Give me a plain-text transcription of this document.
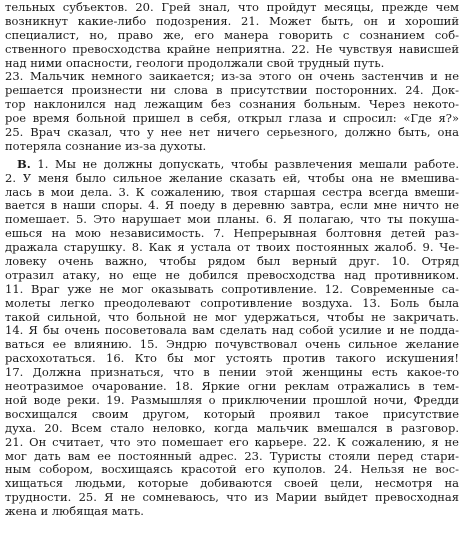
тельных субъектов. 20. Грей знал, что пройдут месяцы, прежде чем
возникнут какие-либо подозрения. 21. Может быть, он и хороший
специалист, но, право же, его манера говорить с сознанием соб-
ственного превосходства крайне неприятна. 22. Не чувствуя нависшей
над ними опасности, геологи продолжали свой трудный путь.
23. Мальчик немного заикается; из-за этого он очень застенчив и не
решается произнести ни слова в присутствии посторонних. 24. Док-
тор наклонился над лежащим без сознания больным. Через некото-
рое время больной пришел в себя, открыл глаза и спросил: «Где я?»
25. Врач сказал, что у нее нет ничего серьезного, должно быть, она
потеряла сознание из-за духоты.
B. 1. Мы не должны допускать, чтобы развлечения мешали работе.
2. У меня было сильное желание сказать ей, чтобы она не вмешива-
лась в мои дела. 3. К сожалению, твоя старшая сестра всегда вмеши-
вается в наши споры. 4. Я поеду в деревню завтра, если мне ничто не
помешает. 5. Это нарушает мои планы. 6. Я полагаю, что ты покуша-
ешься на мою независимость. 7. Непрерывная болтовня детей раз-
дражала старушку. 8. Как я устала от твоих постоянных жалоб. 9. Че-
ловеку очень важно, чтобы рядом был верный друг. 10. Отряд
отразил атаку, но еще не добился превосходства над противником.
11. Враг уже не мог оказывать сопротивление. 12. Современные са-
молеты легко преодолевают сопротивление воздуха. 13. Боль была
такой сильной, что больной не мог удержаться, чтобы не закричать.
14. Я бы очень посоветовала вам сделать над собой усилие и не подда-
ваться ее влиянию. 15. Эндрю почувствовал очень сильное желание
расхохотаться. 16. Кто бы мог устоять против такого искушения!
17. Должна признаться, что в пении этой женщины есть какое-то
неотразимое очарование. 18. Яркие огни реклам отражались в тем-
ной воде реки. 19. Размышляя о приключении прошлой ночи, Фредди
восхищался своим другом, который проявил такое присутствие
духа. 20. Всем стало неловко, когда мальчик вмешался в разговор.
21. Он считает, что это помешает его карьере. 22. К сожалению, я не
мог дать вам ее постоянный адрес. 23. Туристы стояли перед стари-
ным собором, восхищаясь красотой его куполов. 24. Нельзя не вос-
хищаться людьми, которые добиваются своей цели, несмотря на
трудности. 25. Я не сомневаюсь, что из Марии выйдет превосходная
жена и любящая мать.
